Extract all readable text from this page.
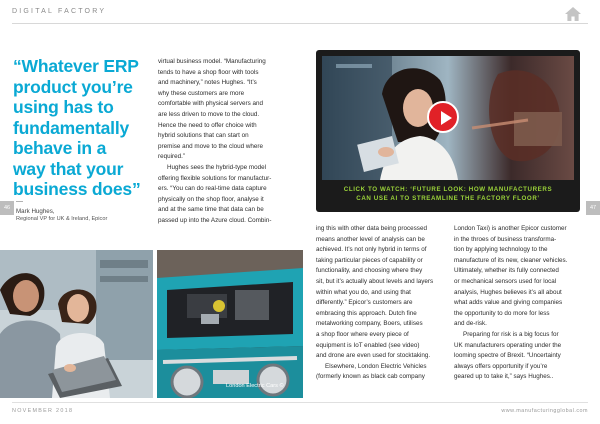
DIGITAL FACTORY
“Whatever ERP
product you’re
using has to
fundamentally
behave in a
way that your
business does”
—
Mark Hughes,
Regional VP for UK & Ireland, Epicor
46	47

virtual business model. “Manufacturing

tends to have a shop floor with tools

and machinery,” notes Hughes. “It’s

why these customers are more

comfortable with physical servers and

are less driven to move to the cloud.

Hence the need to offer choice with

hybrid solutions that can start on

premise and move to the cloud where

required.”

Hughes sees the hybrid-type model

offering flexible solutions for manufactur-

ers. “You can do real-time data capture

physically on the shop floor, analyse it

and at the same time that data can be

passed up into the Azure cloud. Combin-

CLICK TO WATCH: ‘FUTURE LOOK: HOW MANUFACTURERS
CAN USE AI TO STREAMLINE THE FACTORY FLOOR’

ing this with other data being processed

means another level of analysis can be

achieved. It’s not only hybrid in terms of

taking particular pieces of capability or

functionality, and choosing where they

sit, but it’s actually about levels and layers

within what you do, and using that

differently.” Epicor’s customers are

embracing this approach. Dutch fine

metalworking company, Boers, utilises

a shop floor where every piece of

equipment is IoT enabled (see video)

and drone are even used for stocktaking.

Elsewhere, London Electric Vehicles

(formerly known as black cab company

London Taxi) is another Epicor customer

in the throes of business transforma-

tion by applying technology to the

manufacture of its new, cleaner vehicles.

Ultimately, whether its fully connected

or mechanical sensors used for local

analysis, Hughes believes it’s all about

what adds value and giving companies

the opportunity to do more for less

and de-risk.

Preparing for risk is a big focus for

UK manufacturers operating under the

looming spectre of Brexit. “Uncertainty

always offers opportunity if you’re

geared up to take it,” says Hughes..

London Electric Cars ©
NOVEMBER 2018	www.manufacturingglobal.com
